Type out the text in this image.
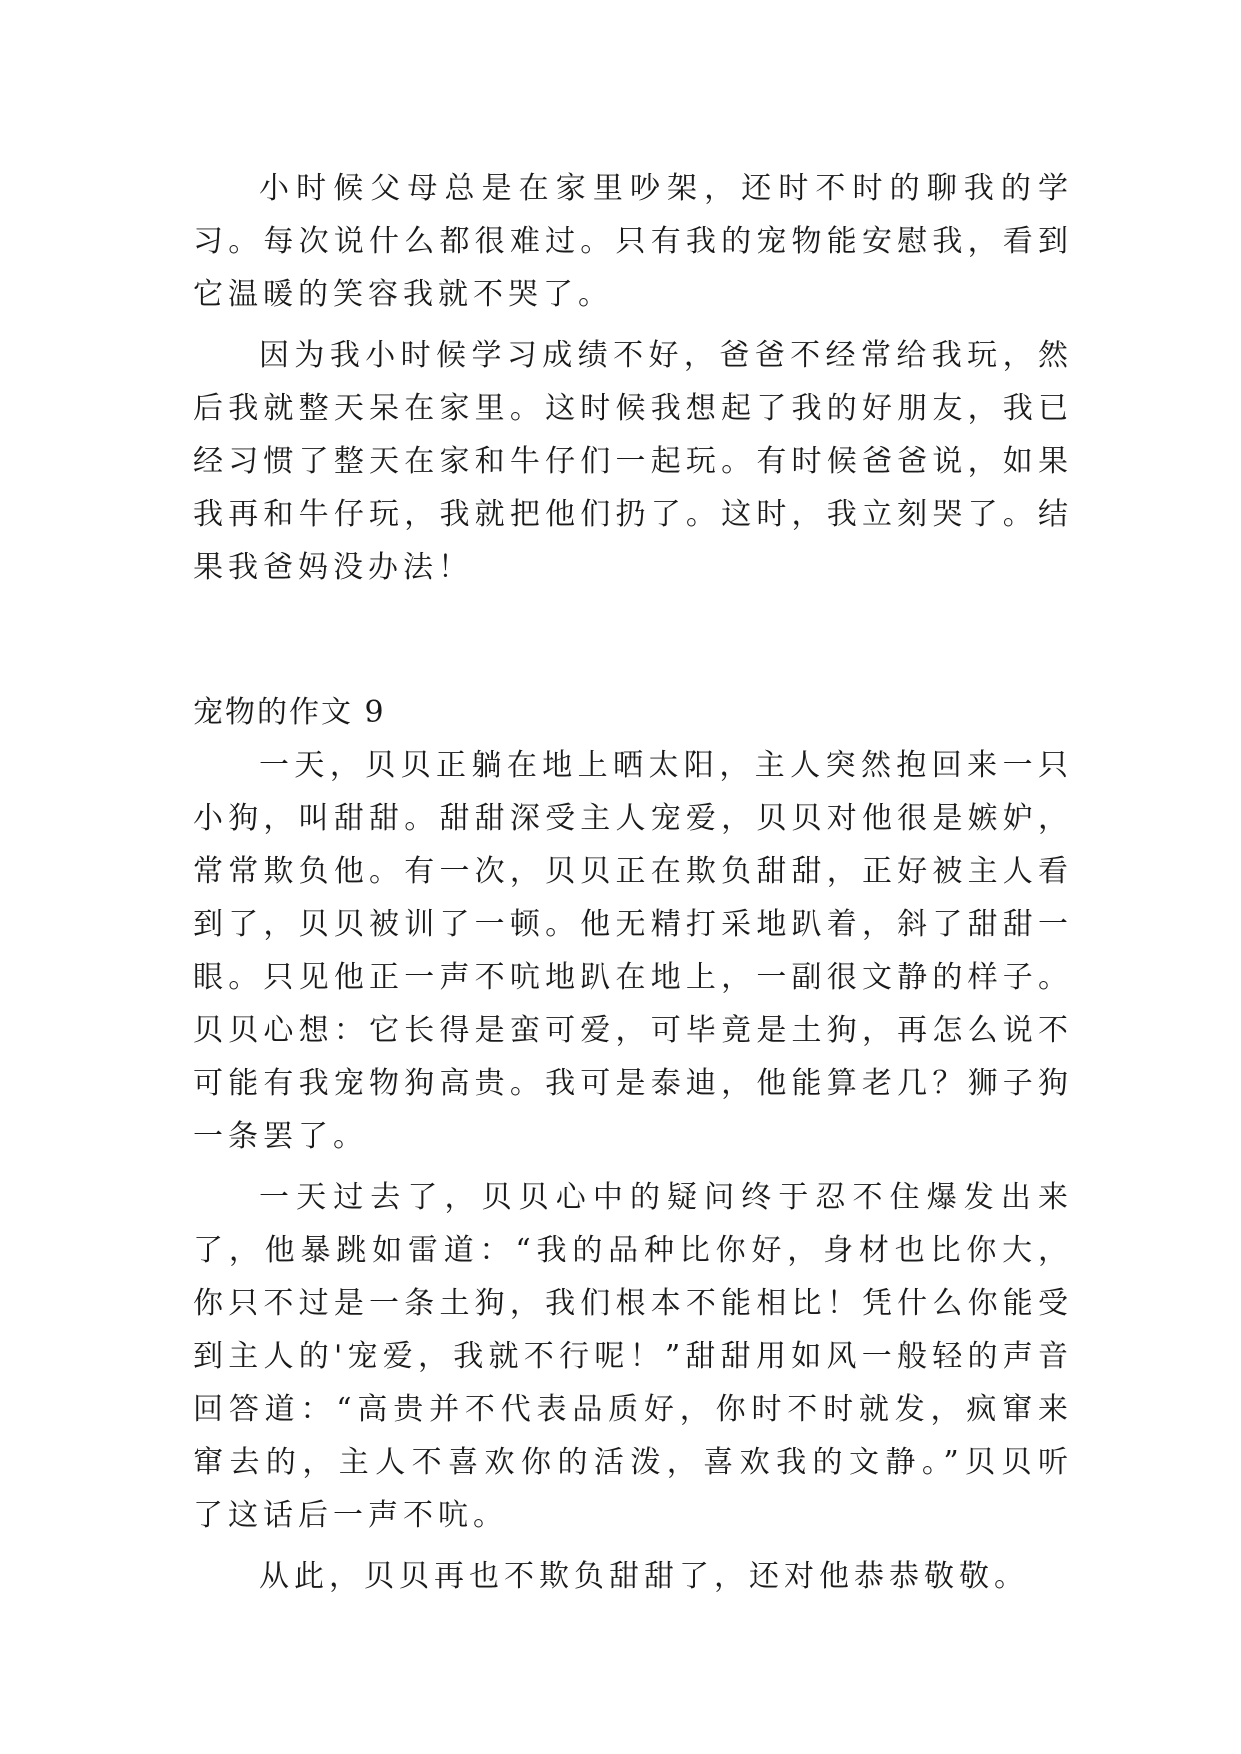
小时候父母总是在家里吵架，还时不时的聊我的学习。每次说什么都很难过。只有我的宠物能安慰我，看到它温暖的笑容我就不哭了。

因为我小时候学习成绩不好，爸爸不经常给我玩，然后我就整天呆在家里。这时候我想起了我的好朋友，我已经习惯了整天在家和牛仔们一起玩。有时候爸爸说，如果我再和牛仔玩，我就把他们扔了。这时，我立刻哭了。结果我爸妈没办法！

宠物的作文 9

一天，贝贝正躺在地上晒太阳，主人突然抱回来一只小狗，叫甜甜。甜甜深受主人宠爱，贝贝对他很是嫉妒，常常欺负他。有一次，贝贝正在欺负甜甜，正好被主人看到了，贝贝被训了一顿。他无精打采地趴着，斜了甜甜一眼。只见他正一声不吭地趴在地上，一副很文静的样子。贝贝心想：它长得是蛮可爱，可毕竟是土狗，再怎么说不可能有我宠物狗高贵。我可是泰迪，他能算老几？狮子狗一条罢了。

一天过去了，贝贝心中的疑问终于忍不住爆发出来了，他暴跳如雷道：“我的品种比你好，身材也比你大，你只不过是一条土狗，我们根本不能相比！凭什么你能受到主人的'宠爱，我就不行呢！”甜甜用如风一般轻的声音回答道：“高贵并不代表品质好，你时不时就发，疯窜来窜去的，主人不喜欢你的活泼，喜欢我的文静。”贝贝听了这话后一声不吭。

从此，贝贝再也不欺负甜甜了，还对他恭恭敬敬。
